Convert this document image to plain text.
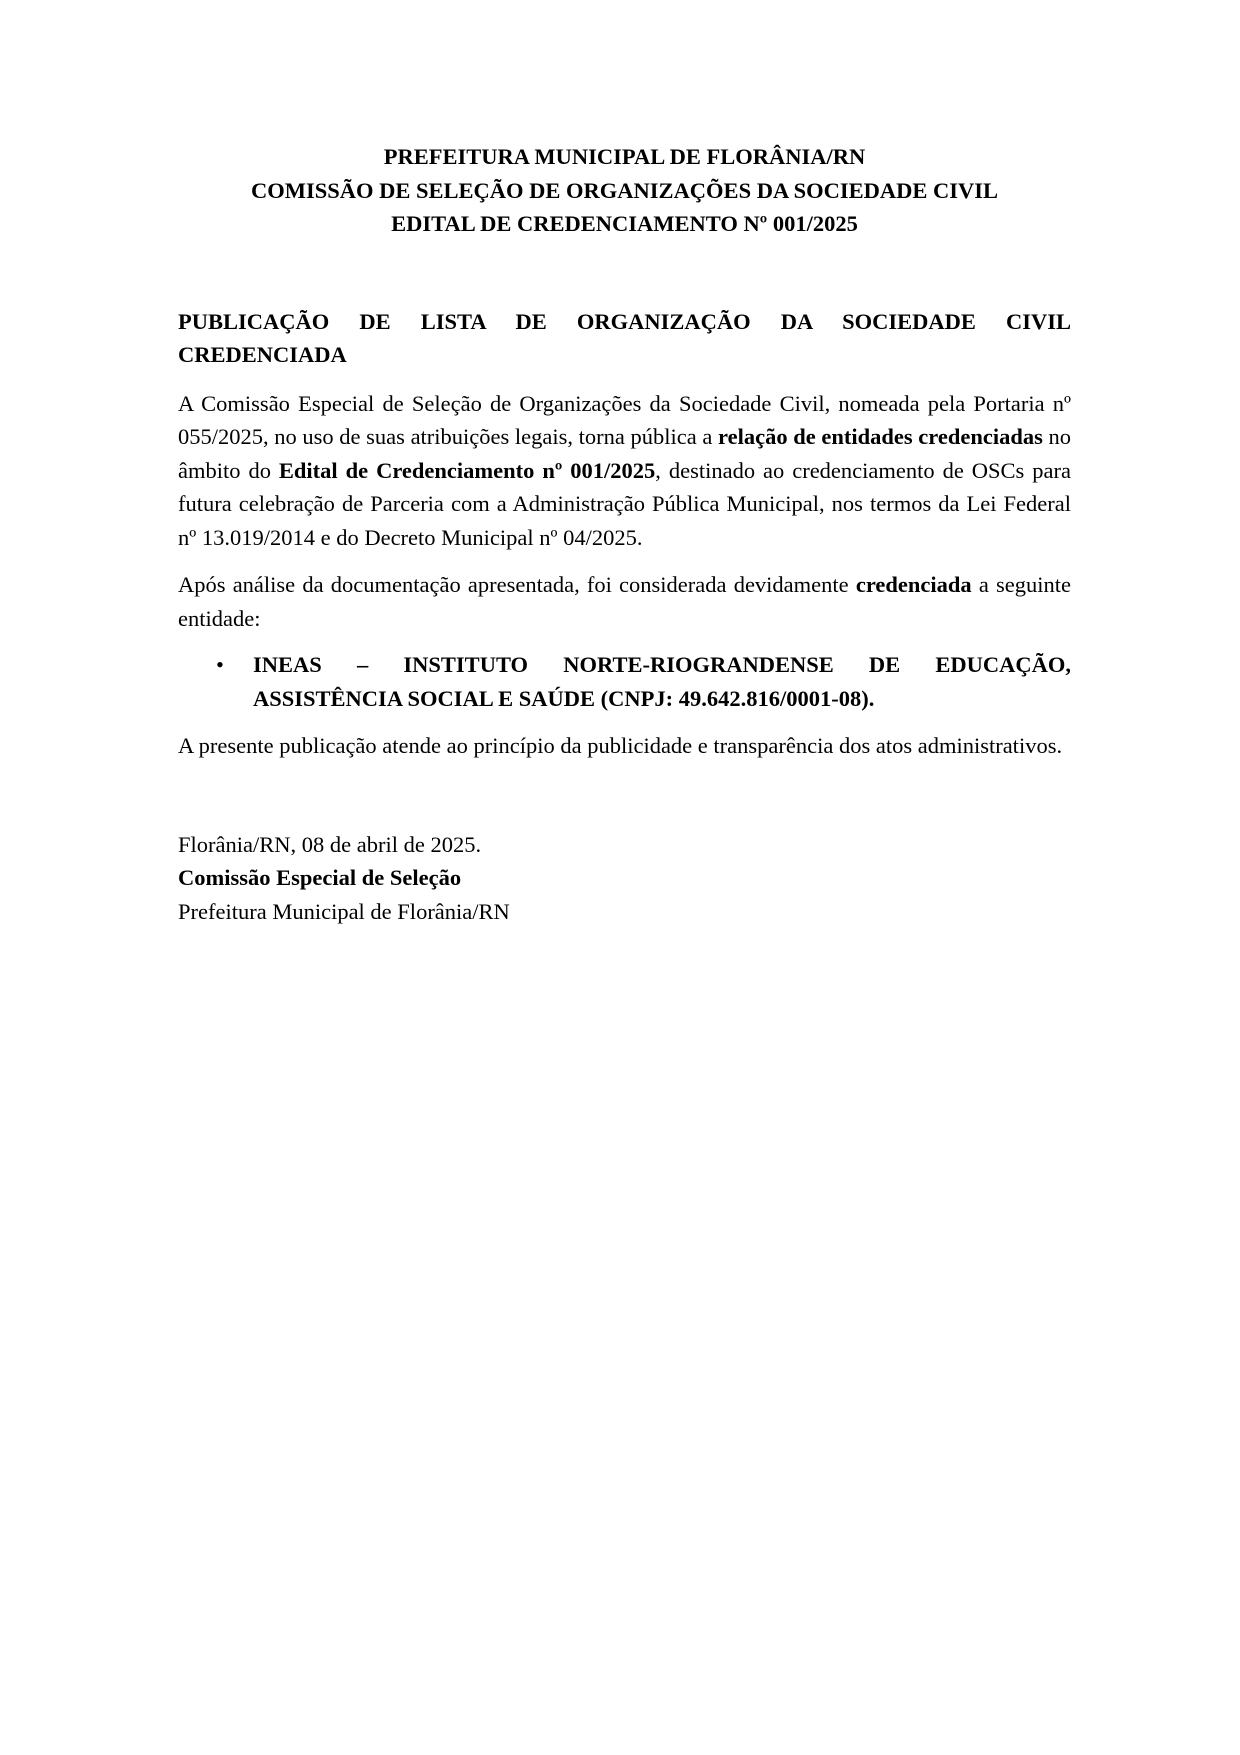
PREFEITURA MUNICIPAL DE FLORÂNIA/RN
COMISSÃO DE SELEÇÃO DE ORGANIZAÇÕES DA SOCIEDADE CIVIL
EDITAL DE CREDENCIAMENTO Nº 001/2025
PUBLICAÇÃO DE LISTA DE ORGANIZAÇÃO DA SOCIEDADE CIVIL CREDENCIADA

A Comissão Especial de Seleção de Organizações da Sociedade Civil, nomeada pela Portaria nº 055/2025, no uso de suas atribuições legais, torna pública a relação de entidades credenciadas no âmbito do Edital de Credenciamento nº 001/2025, destinado ao credenciamento de OSCs para futura celebração de Parceria com a Administração Pública Municipal, nos termos da Lei Federal nº 13.019/2014 e do Decreto Municipal nº 04/2025.

Após análise da documentação apresentada, foi considerada devidamente credenciada a seguinte entidade:

• INEAS – INSTITUTO NORTE-RIOGRANDENSE DE EDUCAÇÃO, ASSISTÊNCIA SOCIAL E SAÚDE (CNPJ: 49.642.816/0001-08).

A presente publicação atende ao princípio da publicidade e transparência dos atos administrativos.

Florânia/RN, 08 de abril de 2025.
Comissão Especial de Seleção
Prefeitura Municipal de Florânia/RN
